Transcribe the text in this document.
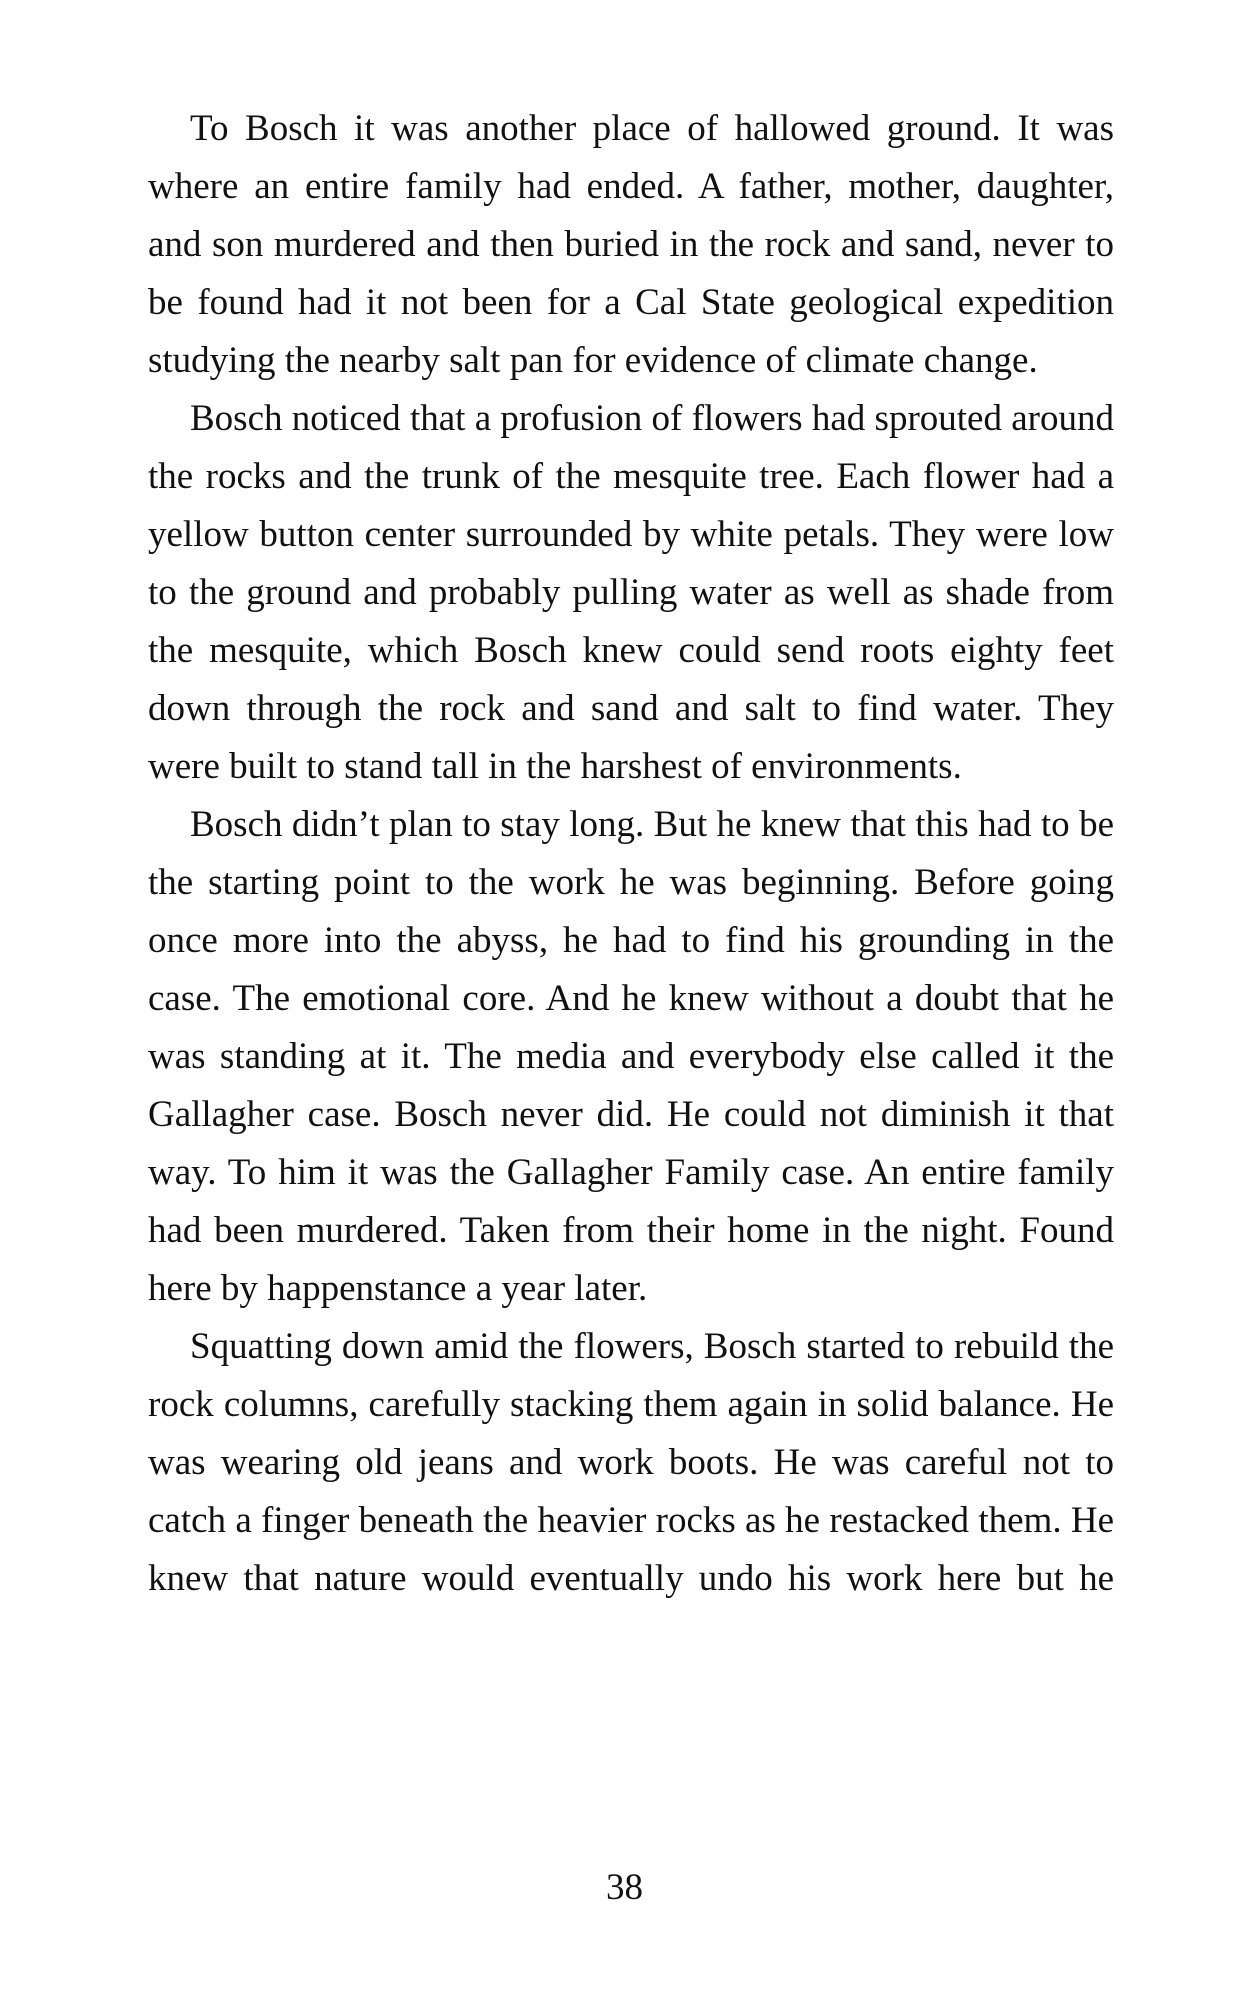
To Bosch it was another place of hallowed ground. It was where an entire family had ended. A father, mother, daughter, and son murdered and then buried in the rock and sand, never to be found had it not been for a Cal State geological expedition studying the nearby salt pan for evidence of climate change.

Bosch noticed that a profusion of flowers had sprouted around the rocks and the trunk of the mesquite tree. Each flower had a yellow button center surrounded by white petals. They were low to the ground and probably pulling water as well as shade from the mesquite, which Bosch knew could send roots eighty feet down through the rock and sand and salt to find water. They were built to stand tall in the harshest of environments.

Bosch didn’t plan to stay long. But he knew that this had to be the starting point to the work he was beginning. Before going once more into the abyss, he had to find his grounding in the case. The emotional core. And he knew without a doubt that he was standing at it. The media and everybody else called it the Gallagher case. Bosch never did. He could not diminish it that way. To him it was the Gallagher Family case. An entire family had been murdered. Taken from their home in the night. Found here by happenstance a year later.

Squatting down amid the flowers, Bosch started to rebuild the rock columns, carefully stacking them again in solid balance. He was wearing old jeans and work boots. He was careful not to catch a finger beneath the heavier rocks as he restacked them. He knew that nature would eventually undo his work here but he

38
